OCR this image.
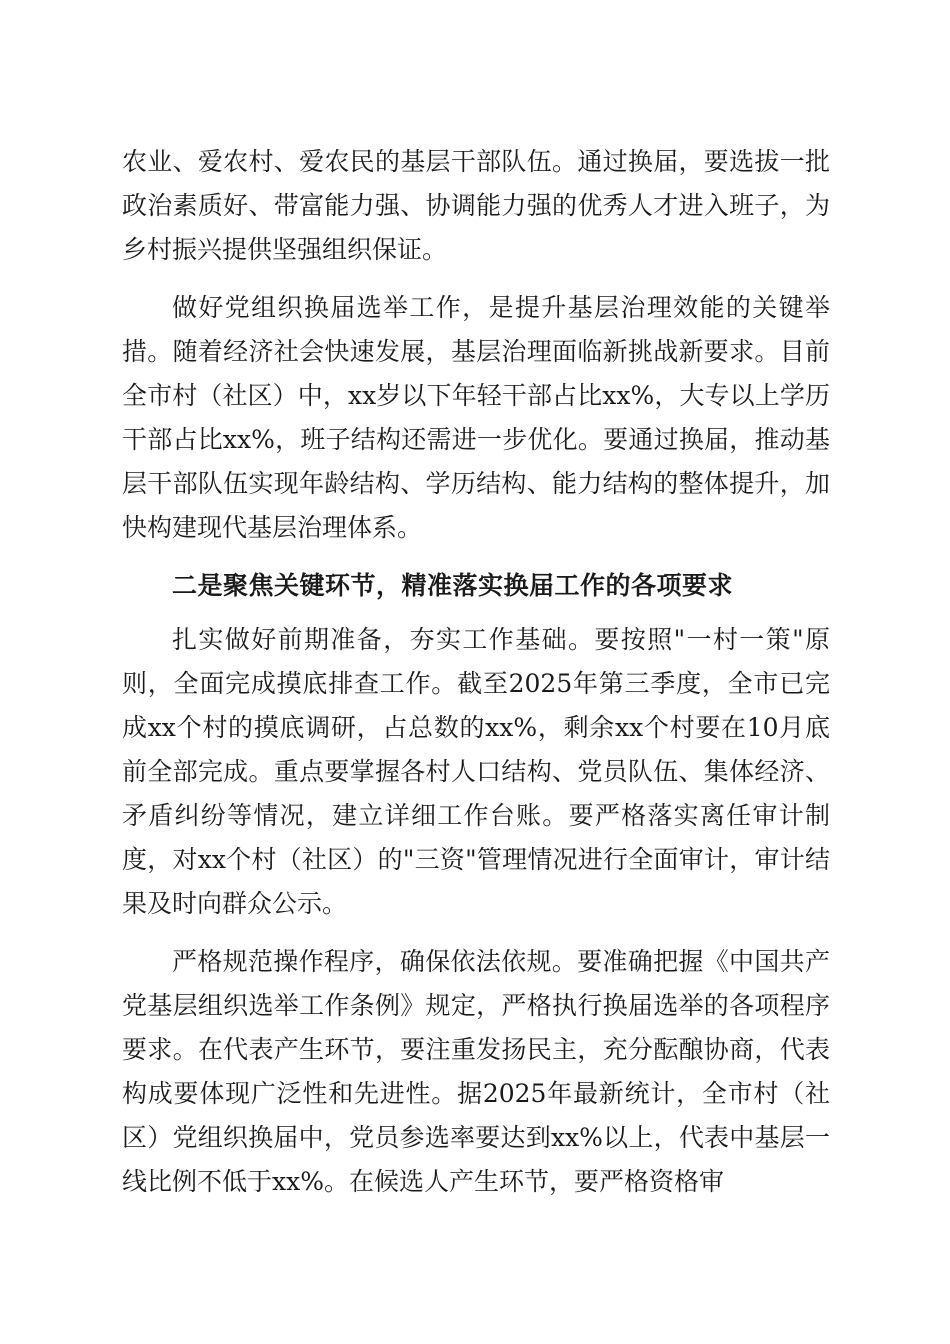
农业、爱农村、爱农民的基层干部队伍。通过换届，要选拔一批政治素质好、带富能力强、协调能力强的优秀人才进入班子，为乡村振兴提供坚强组织保证。

做好党组织换届选举工作，是提升基层治理效能的关键举措。随着经济社会快速发展，基层治理面临新挑战新要求。目前全市村（社区）中，xx岁以下年轻干部占比xx%，大专以上学历干部占比xx%，班子结构还需进一步优化。要通过换届，推动基层干部队伍实现年龄结构、学历结构、能力结构的整体提升，加快构建现代基层治理体系。

二是聚焦关键环节，精准落实换届工作的各项要求

扎实做好前期准备，夯实工作基础。要按照"一村一策"原则，全面完成摸底排查工作。截至2025年第三季度，全市已完成xx个村的摸底调研，占总数的xx%，剩余xx个村要在10月底前全部完成。重点要掌握各村人口结构、党员队伍、集体经济、矛盾纠纷等情况，建立详细工作台账。要严格落实离任审计制度，对xx个村（社区）的"三资"管理情况进行全面审计，审计结果及时向群众公示。

严格规范操作程序，确保依法依规。要准确把握《中国共产党基层组织选举工作条例》规定，严格执行换届选举的各项程序要求。在代表产生环节，要注重发扬民主，充分酝酿协商，代表构成要体现广泛性和先进性。据2025年最新统计，全市村（社区）党组织换届中，党员参选率要达到xx%以上，代表中基层一线比例不低于xx%。在候选人产生环节，要严格资格审
